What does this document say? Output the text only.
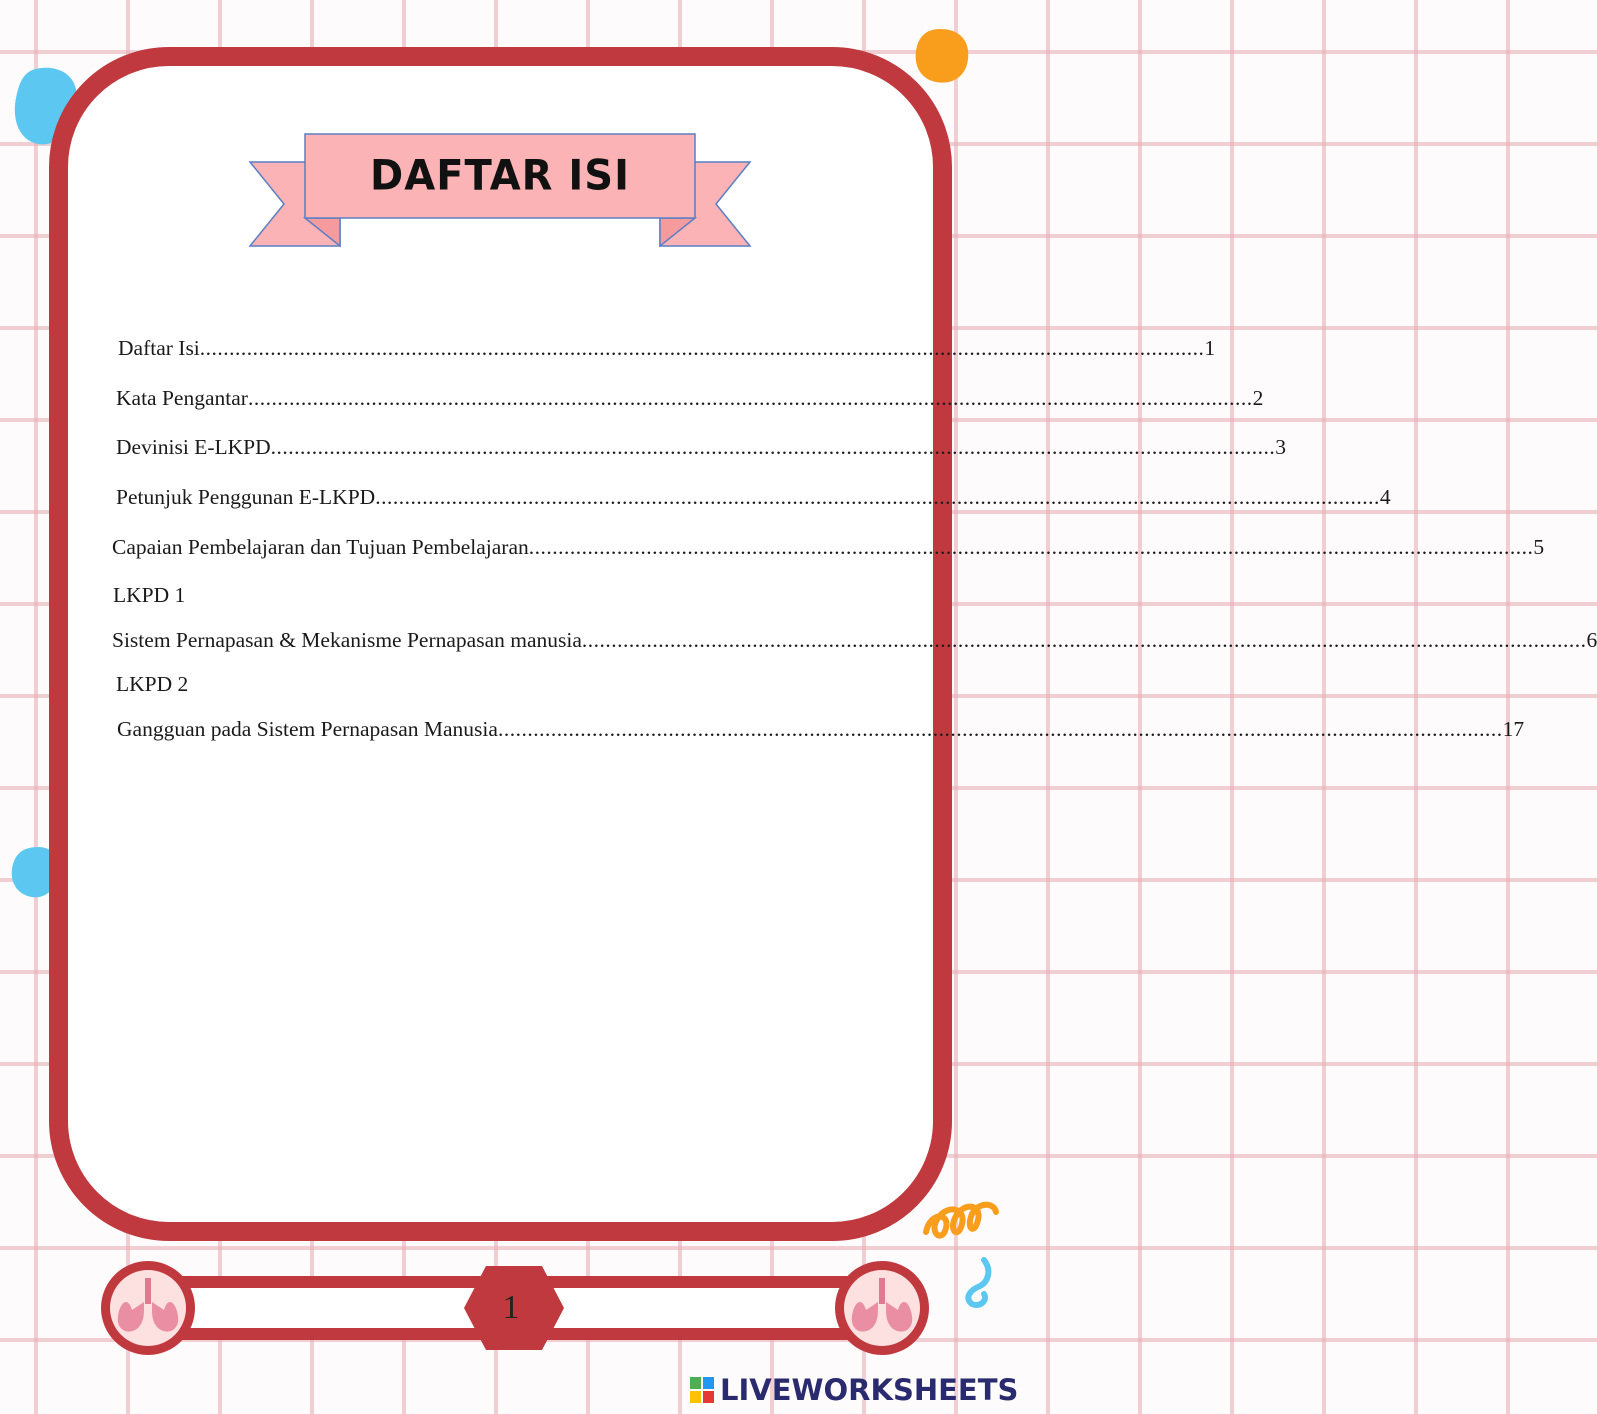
DAFTAR ISI
Daftar Isi ........................................................................................................................................................................... 1
Kata Pengantar ........................................................................................................................................................................... 2
Devinisi E-LKPD ........................................................................................................................................................................... 3
Petunjuk Penggunan E-LKPD ........................................................................................................................................................................... 4
Capaian Pembelajaran dan Tujuan Pembelajaran ........................................................................................................................................................................... 5
LKPD 1
Sistem Pernapasan & Mekanisme Pernapasan manusia ........................................................................................................................................................................... 6
LKPD 2
Gangguan pada Sistem Pernapasan Manusia ........................................................................................................................................................................... 17
1
LIVEWORKSHEETS
